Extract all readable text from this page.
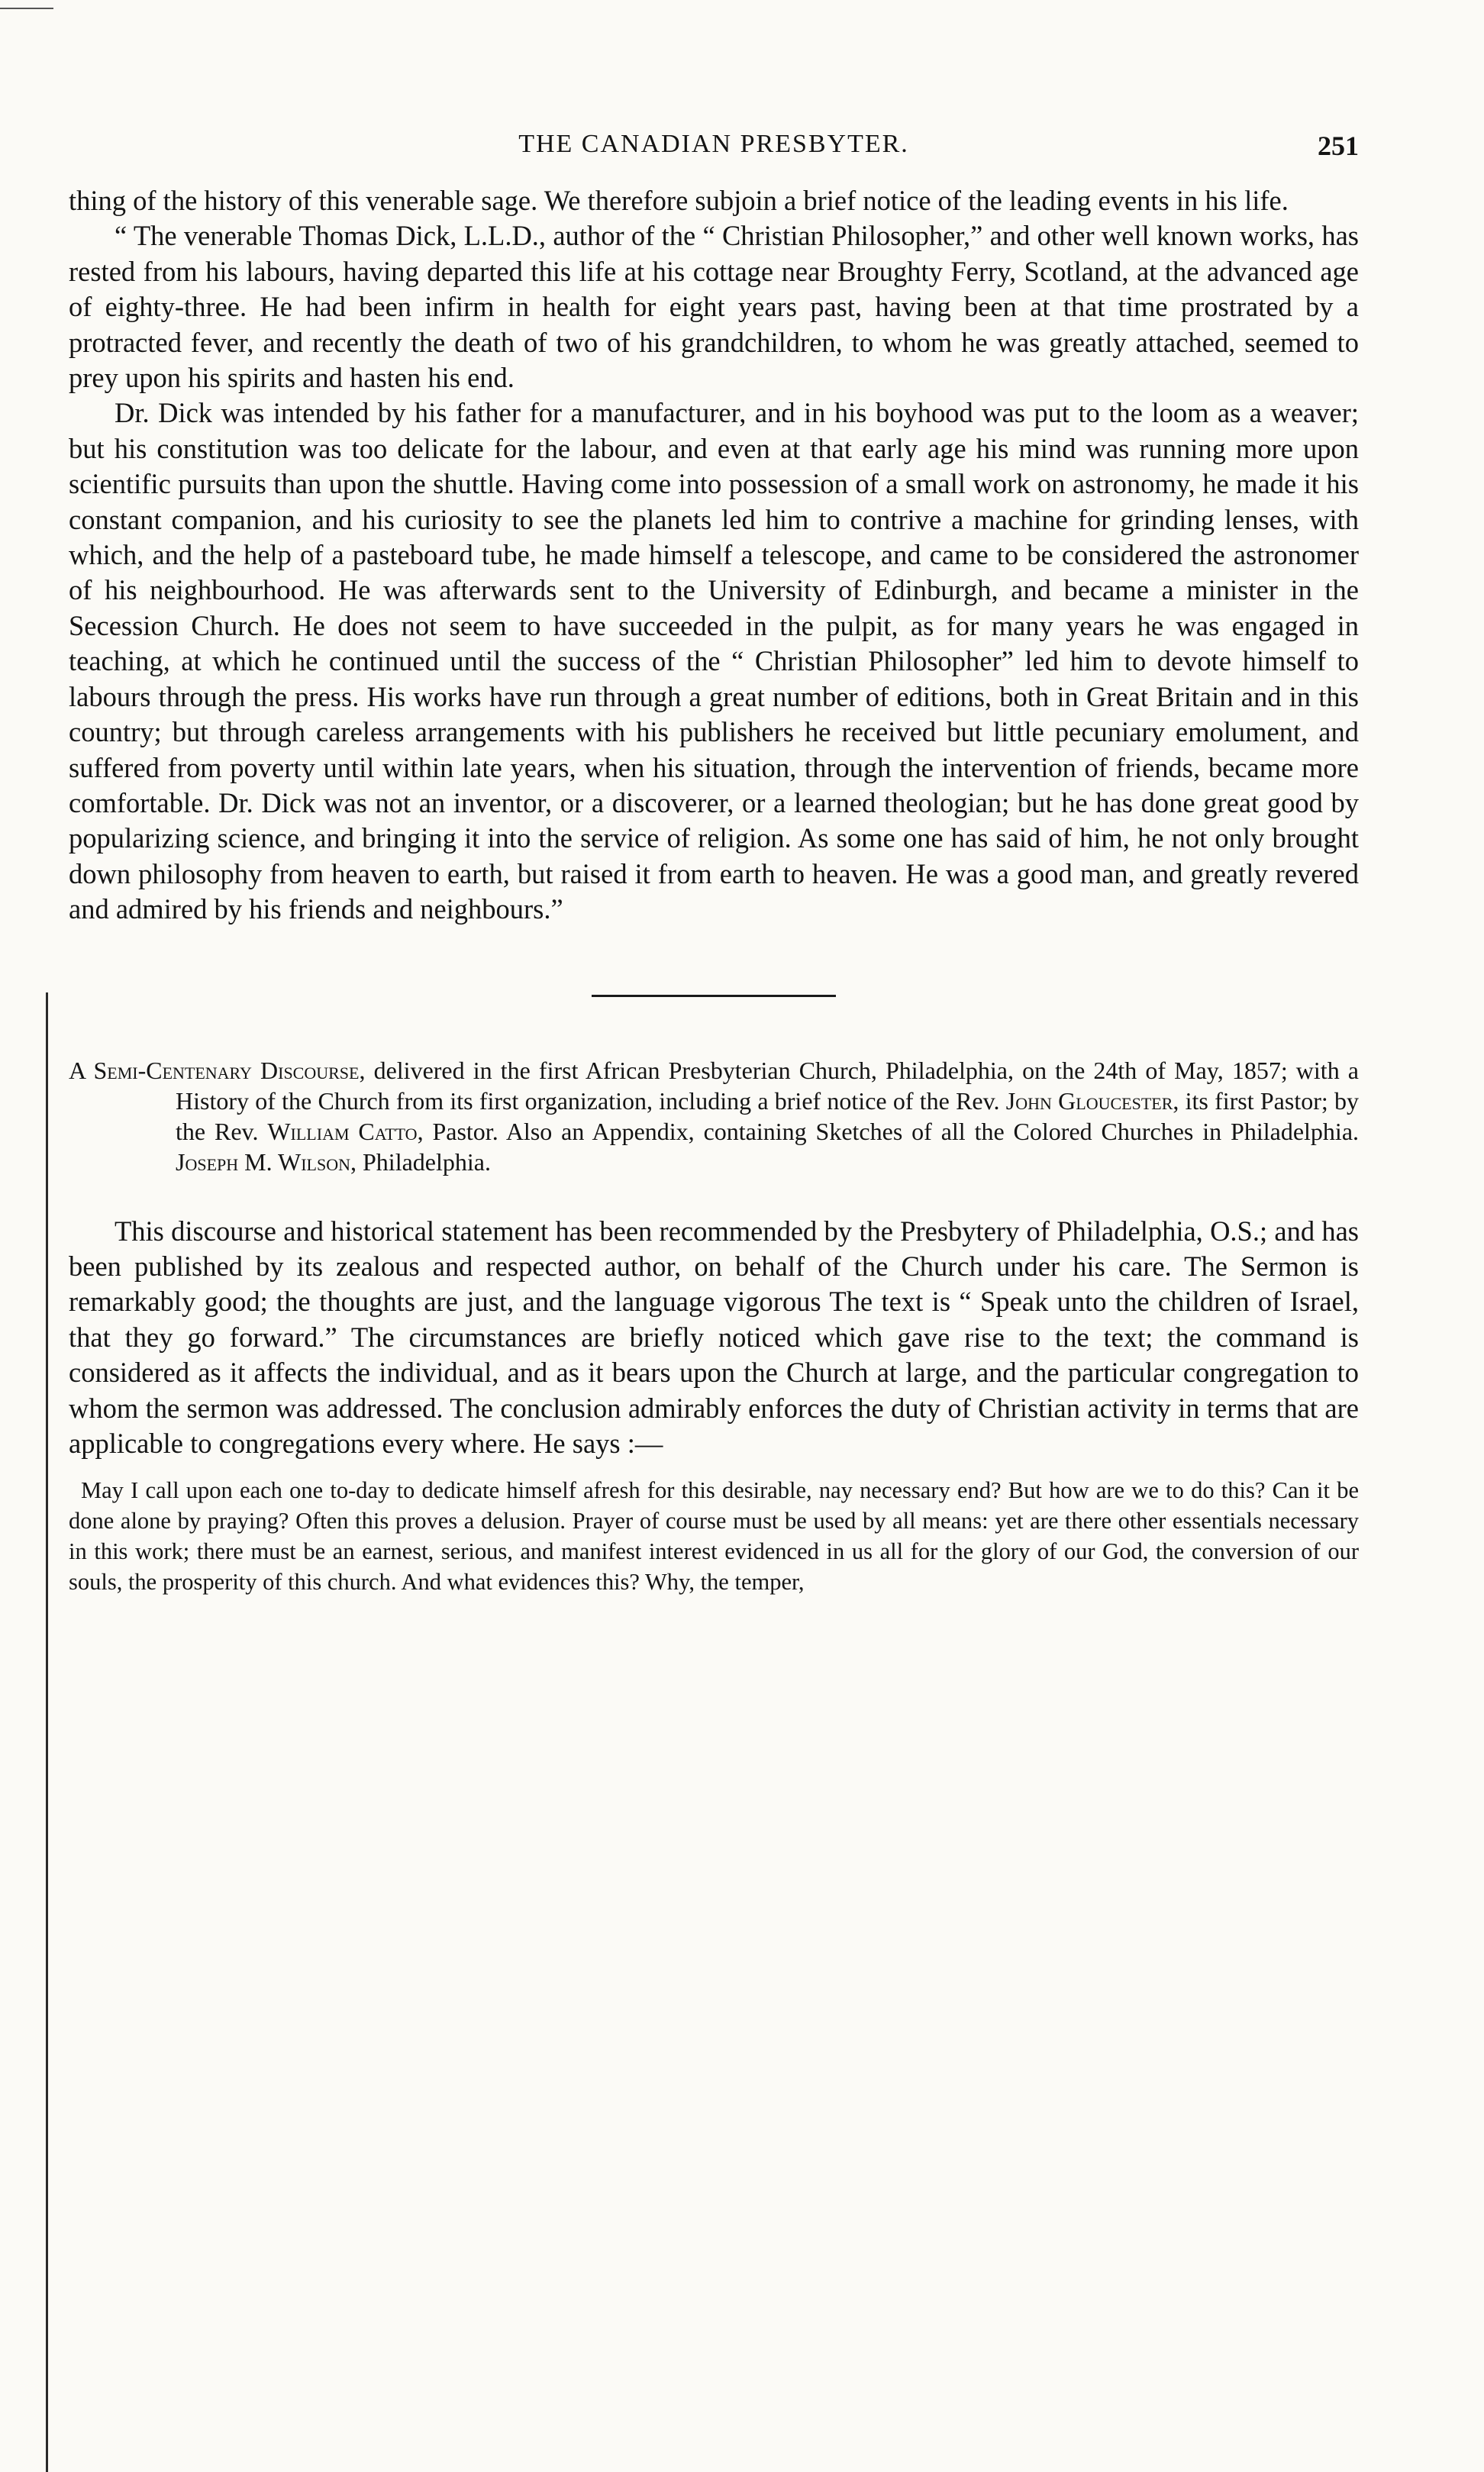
THE CANADIAN PRESBYTER.	251

thing of the history of this venerable sage. We therefore subjoin a brief notice of the leading events in his life.

“ The venerable Thomas Dick, L.L.D., author of the “ Christian Philosopher,” and other well known works, has rested from his labours, having departed this life at his cottage near Broughty Ferry, Scotland, at the advanced age of eighty-three. He had been infirm in health for eight years past, having been at that time prostrated by a protracted fever, and recently the death of two of his grandchildren, to whom he was greatly attached, seemed to prey upon his spirits and hasten his end.

Dr. Dick was intended by his father for a manufacturer, and in his boyhood was put to the loom as a weaver; but his constitution was too delicate for the labour, and even at that early age his mind was running more upon scientific pursuits than upon the shuttle. Having come into possession of a small work on astronomy, he made it his constant companion, and his curiosity to see the planets led him to contrive a machine for grinding lenses, with which, and the help of a pasteboard tube, he made himself a telescope, and came to be considered the astronomer of his neighbourhood. He was afterwards sent to the University of Edinburgh, and became a minister in the Secession Church. He does not seem to have succeeded in the pulpit, as for many years he was engaged in teaching, at which he continued until the success of the “ Christian Philosopher” led him to devote himself to labours through the press. His works have run through a great number of editions, both in Great Britain and in this country; but through careless arrangements with his publishers he received but little pecuniary emolument, and suffered from poverty until within late years, when his situation, through the intervention of friends, became more comfortable. Dr. Dick was not an inventor, or a discoverer, or a learned theologian; but he has done great good by popularizing science, and bringing it into the service of religion. As some one has said of him, he not only brought down philosophy from heaven to earth, but raised it from earth to heaven. He was a good man, and greatly revered and admired by his friends and neighbours.”

A Semi-Centenary Discourse, delivered in the first African Presbyterian Church, Philadelphia, on the 24th of May, 1857; with a History of the Church from its first organization, including a brief notice of the Rev. John Gloucester, its first Pastor; by the Rev. William Catto, Pastor. Also an Appendix, containing Sketches of all the Colored Churches in Philadelphia. Joseph M. Wilson, Philadelphia.

This discourse and historical statement has been recommended by the Presbytery of Philadelphia, O.S.; and has been published by its zealous and respected author, on behalf of the Church under his care. The Sermon is remarkably good; the thoughts are just, and the language vigorous The text is “ Speak unto the children of Israel, that they go forward.” The circumstances are briefly noticed which gave rise to the text; the command is considered as it affects the individual, and as it bears upon the Church at large, and the particular congregation to whom the sermon was addressed. The conclusion admirably enforces the duty of Christian activity in terms that are applicable to congregations every where. He says :—

May I call upon each one to-day to dedicate himself afresh for this desirable, nay necessary end? But how are we to do this? Can it be done alone by praying? Often this proves a delusion. Prayer of course must be used by all means: yet are there other essentials necessary in this work; there must be an earnest, serious, and manifest interest evidenced in us all for the glory of our God, the conversion of our souls, the prosperity of this church. And what evidences this? Why, the temper,
